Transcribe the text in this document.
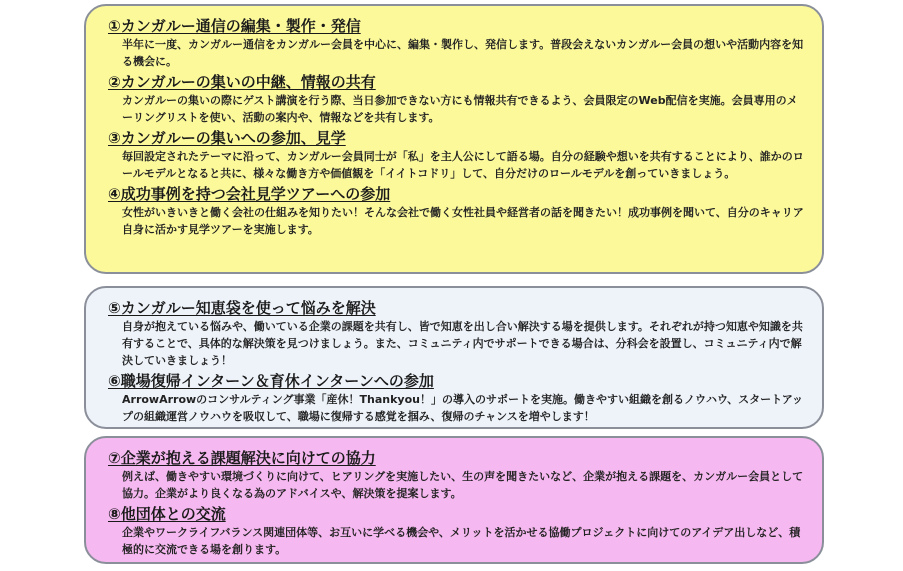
①カンガルー通信の編集・製作・発信

半年に一度、カンガルー通信をカンガルー会員を中心に、編集・製作し、発信します。普段会えないカンガルー会員の想いや活動内容を知る機会に。

②カンガルーの集いの中継、情報の共有

カンガルーの集いの際にゲスト講演を行う際、当日参加できない方にも情報共有できるよう、会員限定のWeb配信を実施。会員専用のメーリングリストを使い、活動の案内や、情報などを共有します。

③カンガルーの集いへの参加、見学

毎回設定されたテーマに沿って、カンガルー会員同士が「私」を主人公にして語る場。自分の経験や想いを共有することにより、誰かのロールモデルとなると共に、様々な働き方や価値観を「イイトコドリ」して、自分だけのロールモデルを創っていきましょう。

④成功事例を持つ会社見学ツアーへの参加

女性がいきいきと働く会社の仕組みを知りたい！そんな会社で働く女性社員や経営者の話を聞きたい！成功事例を聞いて、自分のキャリア自身に活かす見学ツアーを実施します。

⑤カンガルー知恵袋を使って悩みを解決

自身が抱えている悩みや、働いている企業の課題を共有し、皆で知恵を出し合い解決する場を提供します。それぞれが持つ知恵や知識を共有することで、具体的な解決策を見つけましょう。また、コミュニティ内でサポートできる場合は、分科会を設置し、コミュニティ内で解決していきましょう！

⑥職場復帰インターン＆育休インターンへの参加

ArrowArrowのコンサルティング事業「産休！Thankyou！」の導入のサポートを実施。働きやすい組織を創るノウハウ、スタートアップの組織運営ノウハウを吸収して、職場に復帰する感覚を掴み、復帰のチャンスを増やします！

⑦企業が抱える課題解決に向けての協力

例えば、働きやすい環境づくりに向けて、ヒアリングを実施したい、生の声を聞きたいなど、企業が抱える課題を、カンガルー会員として協力。企業がより良くなる為のアドバイスや、解決策を提案します。

⑧他団体との交流

企業やワークライフバランス関連団体等、お互いに学べる機会や、メリットを活かせる協働プロジェクトに向けてのアイデア出しなど、積極的に交流できる場を創ります。
